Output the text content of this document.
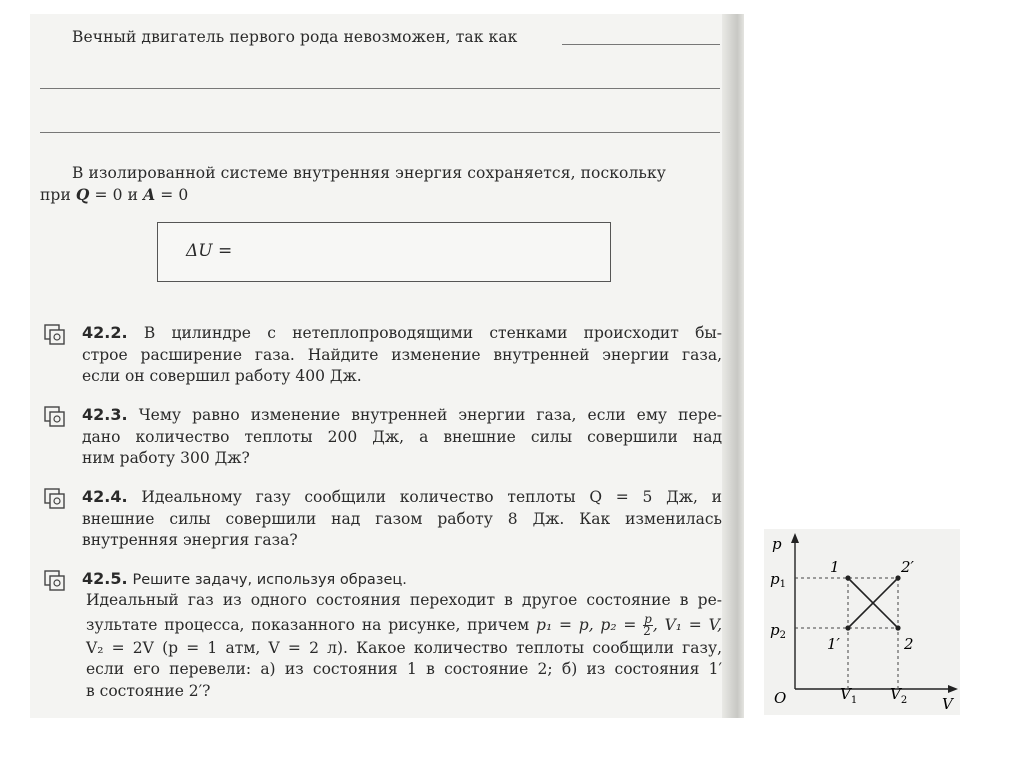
Вечный двигатель первого рода невозможен, так как
В изолированной системе внутренняя энергия сохраняется, поскольку
при Q = 0 и A = 0
ΔU =
42.2. В цилиндре с нетеплопроводящими стенками происходит бы-
строе расширение газа. Найдите изменение внутренней энергии газа,
если он совершил работу 400 Дж.
42.3. Чему равно изменение внутренней энергии газа, если ему пере-
дано количество теплоты 200 Дж, а внешние силы совершили над
ним работу 300 Дж?
42.4. Идеальному газу сообщили количество теплоты Q = 5 Дж, и
внешние силы совершили над газом работу 8 Дж. Как изменилась
внутренняя энергия газа?
42.5. Решите задачу, используя образец.
Идеальный газ из одного состояния переходит в другое состояние в ре-
зультате процесса, показанного на рисунке, причем p₁ = p, $p_2 = \frac{p}{2}$ , V₁ = V,
V₂ = 2V (p = 1 атм, V = 2 л). Какое количество теплоты сообщили газу,
если его перевели: а) из состояния 1 в состояние 2; б) из состояния 1′
в состояние 2′?
p
V
O
$p_1$
$p_2$
$V_1$ $V_2$
1	2′
1′	2
